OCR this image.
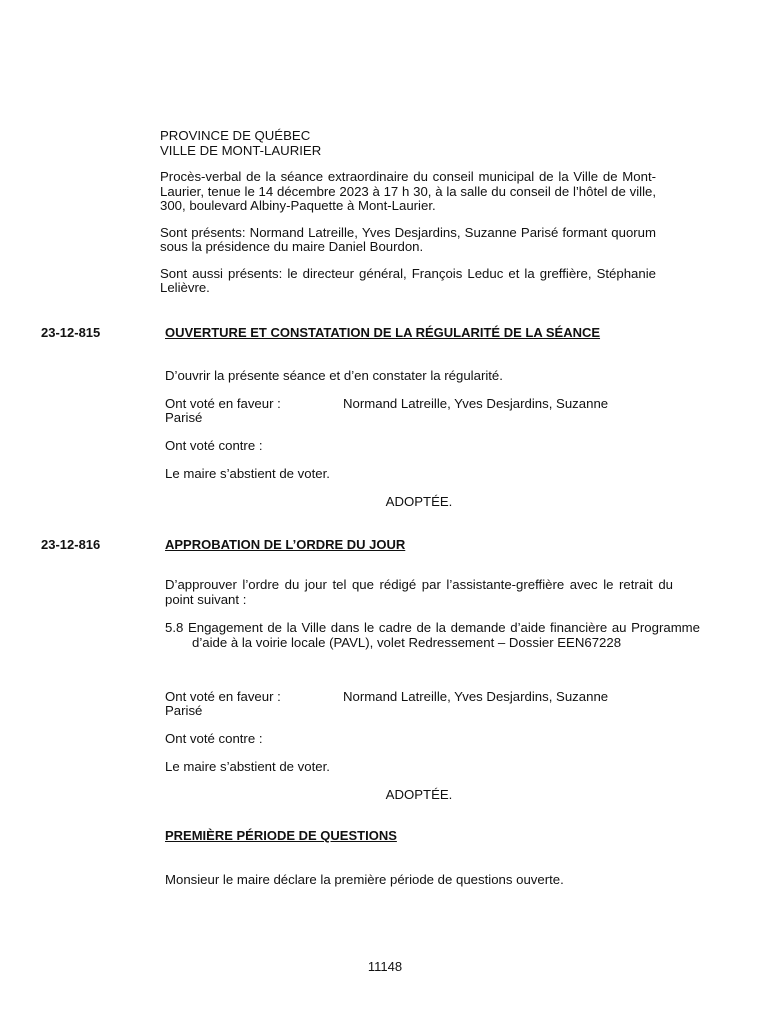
PROVINCE DE QUÉBEC

VILLE DE MONT-LAURIER

Procès-verbal de la séance extraordinaire du conseil municipal de la Ville de Mont-Laurier, tenue le 14 décembre 2023 à 17 h 30, à la salle du conseil de l’hôtel de ville, 300, boulevard Albiny-Paquette à Mont-Laurier.

Sont présents: Normand Latreille, Yves Desjardins, Suzanne Parisé formant quorum sous la présidence du maire Daniel Bourdon.

Sont aussi présents: le directeur général, François Leduc et la greffière, Stéphanie Lelièvre.

23-12-815	OUVERTURE ET CONSTATATION DE LA RÉGULARITÉ DE LA SÉANCE
D’ouvrir la présente séance et d’en constater la régularité.
Ont voté en faveur :	Normand Latreille, Yves Desjardins, Suzanne
Parisé
Ont voté contre :
Le maire s’abstient de voter.
ADOPTÉE.
23-12-816	APPROBATION DE L’ORDRE DU JOUR
D’approuver l’ordre du jour tel que rédigé par l’assistante-greffière avec le retrait du point suivant :
5.8 Engagement de la Ville dans le cadre de la demande d’aide financière au Programme d’aide à la voirie locale (PAVL), volet Redressement – Dossier EEN67228
Ont voté en faveur :	Normand Latreille, Yves Desjardins, Suzanne
Parisé
Ont voté contre :
Le maire s’abstient de voter.
ADOPTÉE.
PREMIÈRE PÉRIODE DE QUESTIONS
Monsieur le maire déclare la première période de questions ouverte.
11148
